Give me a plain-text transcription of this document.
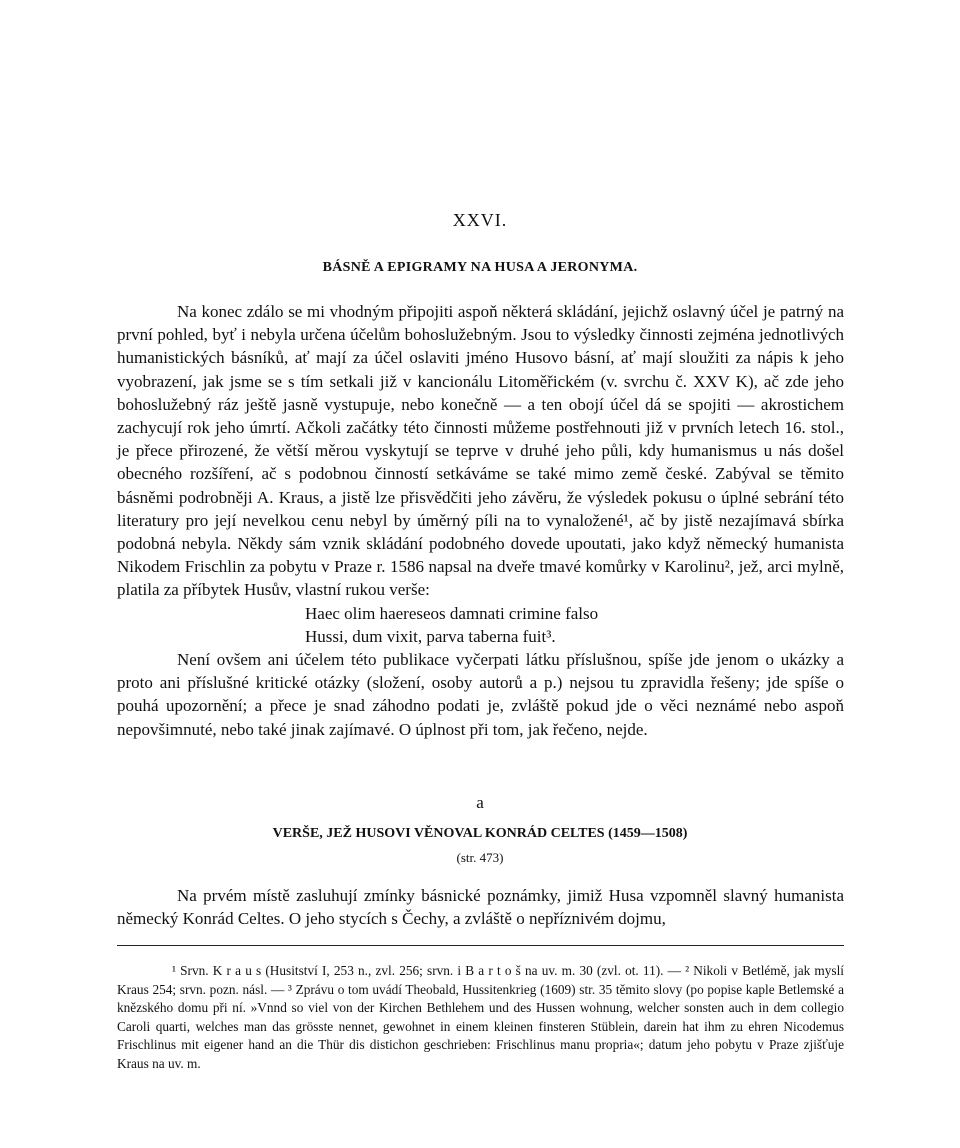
XXVI.
BÁSNĚ A EPIGRAMY NA HUSA A JERONYMA.

Na konec zdálo se mi vhodným připojiti aspoň některá skládání, jejichž oslavný účel je patrný na první pohled, byť i nebyla určena účelům bohoslužebným. Jsou to výsledky činnosti zejména jednotlivých humanistických básníků, ať mají za účel oslaviti jméno Husovo básní, ať mají sloužiti za nápis k jeho vyobrazení, jak jsme se s tím setkali již v kancionálu Litoměřickém (v. svrchu č. XXV K), ač zde jeho bohoslužebný ráz ještě jasně vystupuje, nebo konečně — a ten obojí účel dá se spojiti — akrostichem zachycují rok jeho úmrtí. Ačkoli začátky této činnosti můžeme postřehnouti již v prvních letech 16. stol., je přece přirozené, že větší měrou vyskytují se teprve v druhé jeho půli, kdy humanismus u nás došel obecného rozšíření, ač s podobnou činností setkáváme se také mimo země české. Zabýval se těmito básněmi podrobněji A. Kraus, a jistě lze přisvědčiti jeho závěru, že výsledek pokusu o úplné sebrání této literatury pro její nevelkou cenu nebyl by úměrný píli na to vynaložené¹, ač by jistě nezajímavá sbírka podobná nebyla. Někdy sám vznik skládání podobného dovede upoutati, jako když německý humanista Nikodem Frischlin za pobytu v Praze r. 1586 napsal na dveře tmavé komůrky v Karolinu², jež, arci mylně, platila za příbytek Husův, vlastní rukou verše:

Haec olim haereseos damnati crimine falso

Hussi, dum vixit, parva taberna fuit³.

Není ovšem ani účelem této publikace vyčerpati látku příslušnou, spíše jde jenom o ukázky a proto ani příslušné kritické otázky (složení, osoby autorů a p.) nejsou tu zpravidla řešeny; jde spíše o pouhá upozornění; a přece je snad záhodno podati je, zvláště pokud jde o věci neznámé nebo aspoň nepovšimnuté, nebo také jinak zajímavé. O úplnost při tom, jak řečeno, nejde.

a
VERŠE, JEŽ HUSOVI VĚNOVAL KONRÁD CELTES (1459—1508)
(str. 473)

Na prvém místě zasluhují zmínky básnické poznámky, jimiž Husa vzpomněl slavný humanista německý Konrád Celtes. O jeho stycích s Čechy, a zvláště o nepříznivém dojmu,

¹ Srvn. K r a u s (Husitství I, 253 n., zvl. 256; srvn. i B a r t o š na uv. m. 30 (zvl. ot. 11). — ² Nikoli v Betlémě, jak myslí Kraus 254; srvn. pozn. násl. — ³ Zprávu o tom uvádí Theobald, Hussitenkrieg (1609) str. 35 těmito slovy (po popise kaple Betlemské a knězského domu při ní. »Vnnd so viel von der Kirchen Bethlehem und des Hussen wohnung, welcher sonsten auch in dem collegio Caroli quarti, welches man das grösste nennet, gewohnet in einem kleinen finsteren Stüblein, darein hat ihm zu ehren Nicodemus Frischlinus mit eigener hand an die Thür dis distichon geschrieben: Frischlinus manu propria«; datum jeho pobytu v Praze zjišťuje Kraus na uv. m.
